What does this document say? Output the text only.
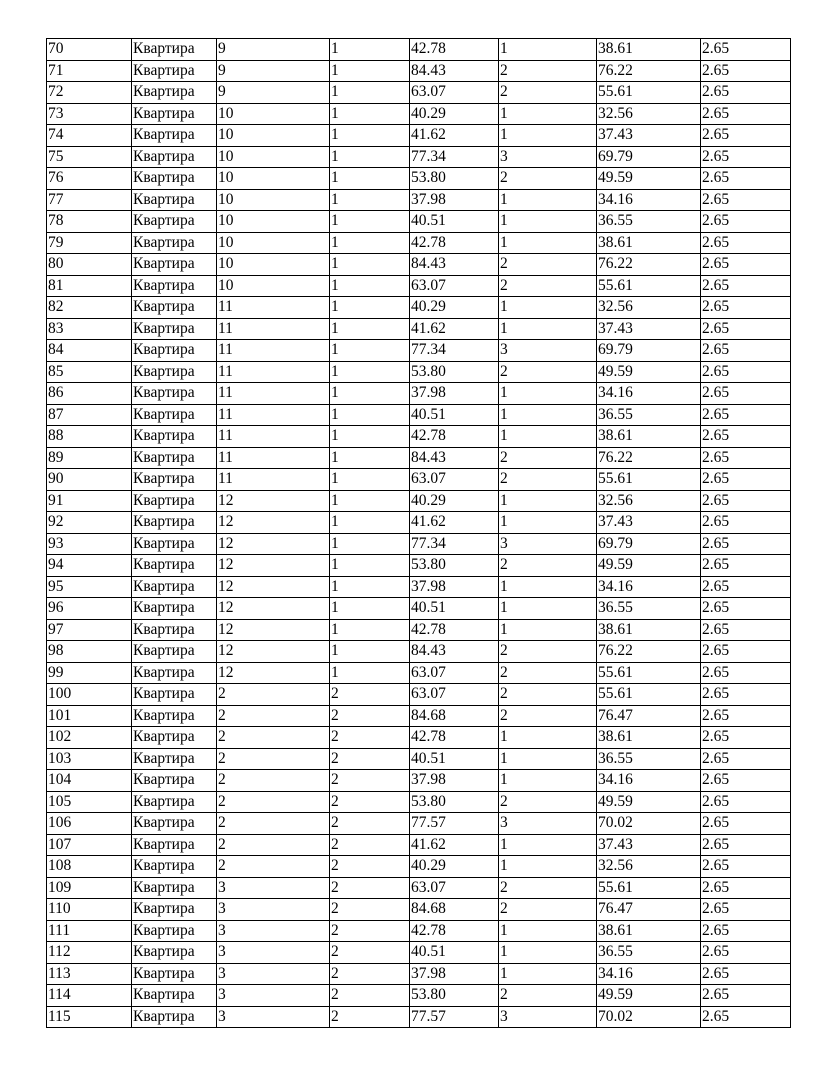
70	Квартира	9	1	42.78	1	38.61	2.65
71	Квартира	9	1	84.43	2	76.22	2.65
72	Квартира	9	1	63.07	2	55.61	2.65
73	Квартира	10	1	40.29	1	32.56	2.65
74	Квартира	10	1	41.62	1	37.43	2.65
75	Квартира	10	1	77.34	3	69.79	2.65
76	Квартира	10	1	53.80	2	49.59	2.65
77	Квартира	10	1	37.98	1	34.16	2.65
78	Квартира	10	1	40.51	1	36.55	2.65
79	Квартира	10	1	42.78	1	38.61	2.65
80	Квартира	10	1	84.43	2	76.22	2.65
81	Квартира	10	1	63.07	2	55.61	2.65
82	Квартира	11	1	40.29	1	32.56	2.65
83	Квартира	11	1	41.62	1	37.43	2.65
84	Квартира	11	1	77.34	3	69.79	2.65
85	Квартира	11	1	53.80	2	49.59	2.65
86	Квартира	11	1	37.98	1	34.16	2.65
87	Квартира	11	1	40.51	1	36.55	2.65
88	Квартира	11	1	42.78	1	38.61	2.65
89	Квартира	11	1	84.43	2	76.22	2.65
90	Квартира	11	1	63.07	2	55.61	2.65
91	Квартира	12	1	40.29	1	32.56	2.65
92	Квартира	12	1	41.62	1	37.43	2.65
93	Квартира	12	1	77.34	3	69.79	2.65
94	Квартира	12	1	53.80	2	49.59	2.65
95	Квартира	12	1	37.98	1	34.16	2.65
96	Квартира	12	1	40.51	1	36.55	2.65
97	Квартира	12	1	42.78	1	38.61	2.65
98	Квартира	12	1	84.43	2	76.22	2.65
99	Квартира	12	1	63.07	2	55.61	2.65
100	Квартира	2	2	63.07	2	55.61	2.65
101	Квартира	2	2	84.68	2	76.47	2.65
102	Квартира	2	2	42.78	1	38.61	2.65
103	Квартира	2	2	40.51	1	36.55	2.65
104	Квартира	2	2	37.98	1	34.16	2.65
105	Квартира	2	2	53.80	2	49.59	2.65
106	Квартира	2	2	77.57	3	70.02	2.65
107	Квартира	2	2	41.62	1	37.43	2.65
108	Квартира	2	2	40.29	1	32.56	2.65
109	Квартира	3	2	63.07	2	55.61	2.65
110	Квартира	3	2	84.68	2	76.47	2.65
111	Квартира	3	2	42.78	1	38.61	2.65
112	Квартира	3	2	40.51	1	36.55	2.65
113	Квартира	3	2	37.98	1	34.16	2.65
114	Квартира	3	2	53.80	2	49.59	2.65
115	Квартира	3	2	77.57	3	70.02	2.65
